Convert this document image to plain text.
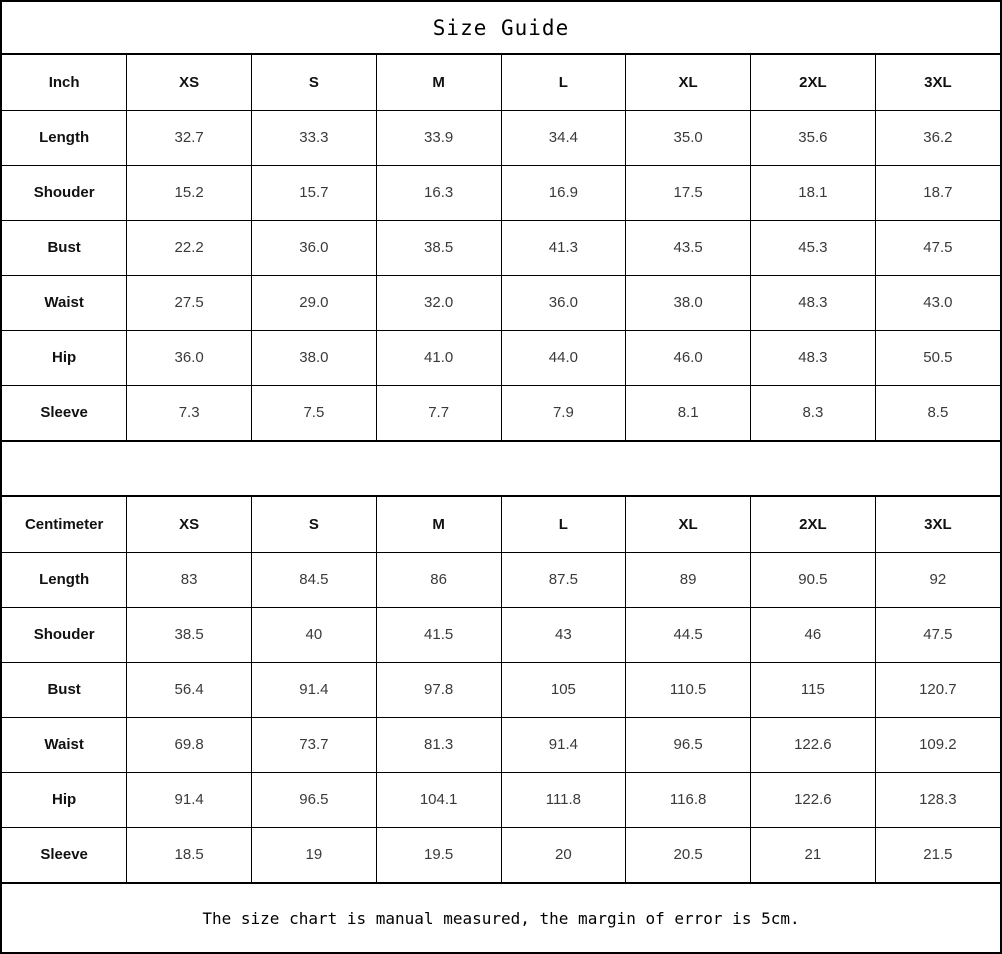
Size Guide
Inch	XS	S	M	L	XL	2XL	3XL
Length	32.7	33.3	33.9	34.4	35.0	35.6	36.2
Shouder	15.2	15.7	16.3	16.9	17.5	18.1	18.7
Bust	22.2	36.0	38.5	41.3	43.5	45.3	47.5
Waist	27.5	29.0	32.0	36.0	38.0	48.3	43.0
Hip	36.0	38.0	41.0	44.0	46.0	48.3	50.5
Sleeve	7.3	7.5	7.7	7.9	8.1	8.3	8.5
Centimeter	XS	S	M	L	XL	2XL	3XL
Length	83	84.5	86	87.5	89	90.5	92
Shouder	38.5	40	41.5	43	44.5	46	47.5
Bust	56.4	91.4	97.8	105	110.5	115	120.7
Waist	69.8	73.7	81.3	91.4	96.5	122.6	109.2
Hip	91.4	96.5	104.1	111.8	116.8	122.6	128.3
Sleeve	18.5	19	19.5	20	20.5	21	21.5
The size chart is manual measured, the margin of error is 5cm.
